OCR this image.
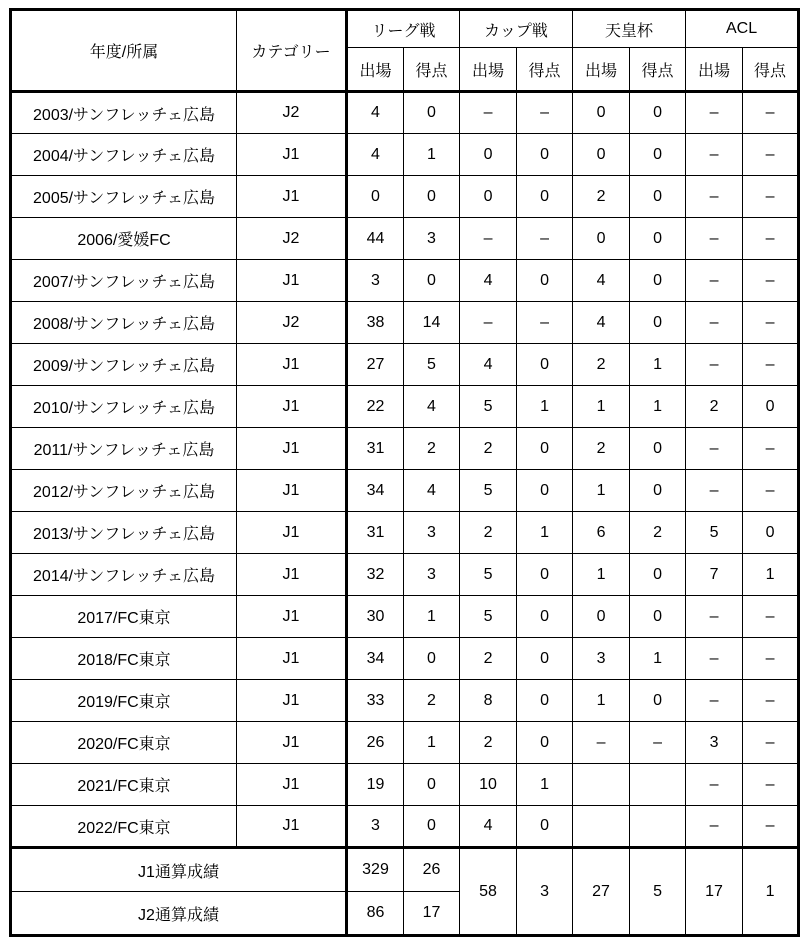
年度/所属	カテゴリー	リーグ戦		カップ戦		天皇杯		ACL	
		出場	得点	出場	得点	出場	得点	出場	得点
2003/サンフレッチェ広島	J2	4	0	–	–	0	0	–	–
2004/サンフレッチェ広島	J1	4	1	0	0	0	0	–	–
2005/サンフレッチェ広島	J1	0	0	0	0	2	0	–	–
2006/愛媛FC	J2	44	3	–	–	0	0	–	–
2007/サンフレッチェ広島	J1	3	0	4	0	4	0	–	–
2008/サンフレッチェ広島	J2	38	14	–	–	4	0	–	–
2009/サンフレッチェ広島	J1	27	5	4	0	2	1	–	–
2010/サンフレッチェ広島	J1	22	4	5	1	1	1	2	0
2011/サンフレッチェ広島	J1	31	2	2	0	2	0	–	–
2012/サンフレッチェ広島	J1	34	4	5	0	1	0	–	–
2013/サンフレッチェ広島	J1	31	3	2	1	6	2	5	0
2014/サンフレッチェ広島	J1	32	3	5	0	1	0	7	1
2017/FC東京	J1	30	1	5	0	0	0	–	–
2018/FC東京	J1	34	0	2	0	3	1	–	–
2019/FC東京	J1	33	2	8	0	1	0	–	–
2020/FC東京	J1	26	1	2	0	–	–	3	–
2021/FC東京	J1	19	0	10	1			–	–
2022/FC東京	J1	3	0	4	0			–	–
J1通算成績		329	26	58	3	27	5	17	1
J2通算成績		86	17						
